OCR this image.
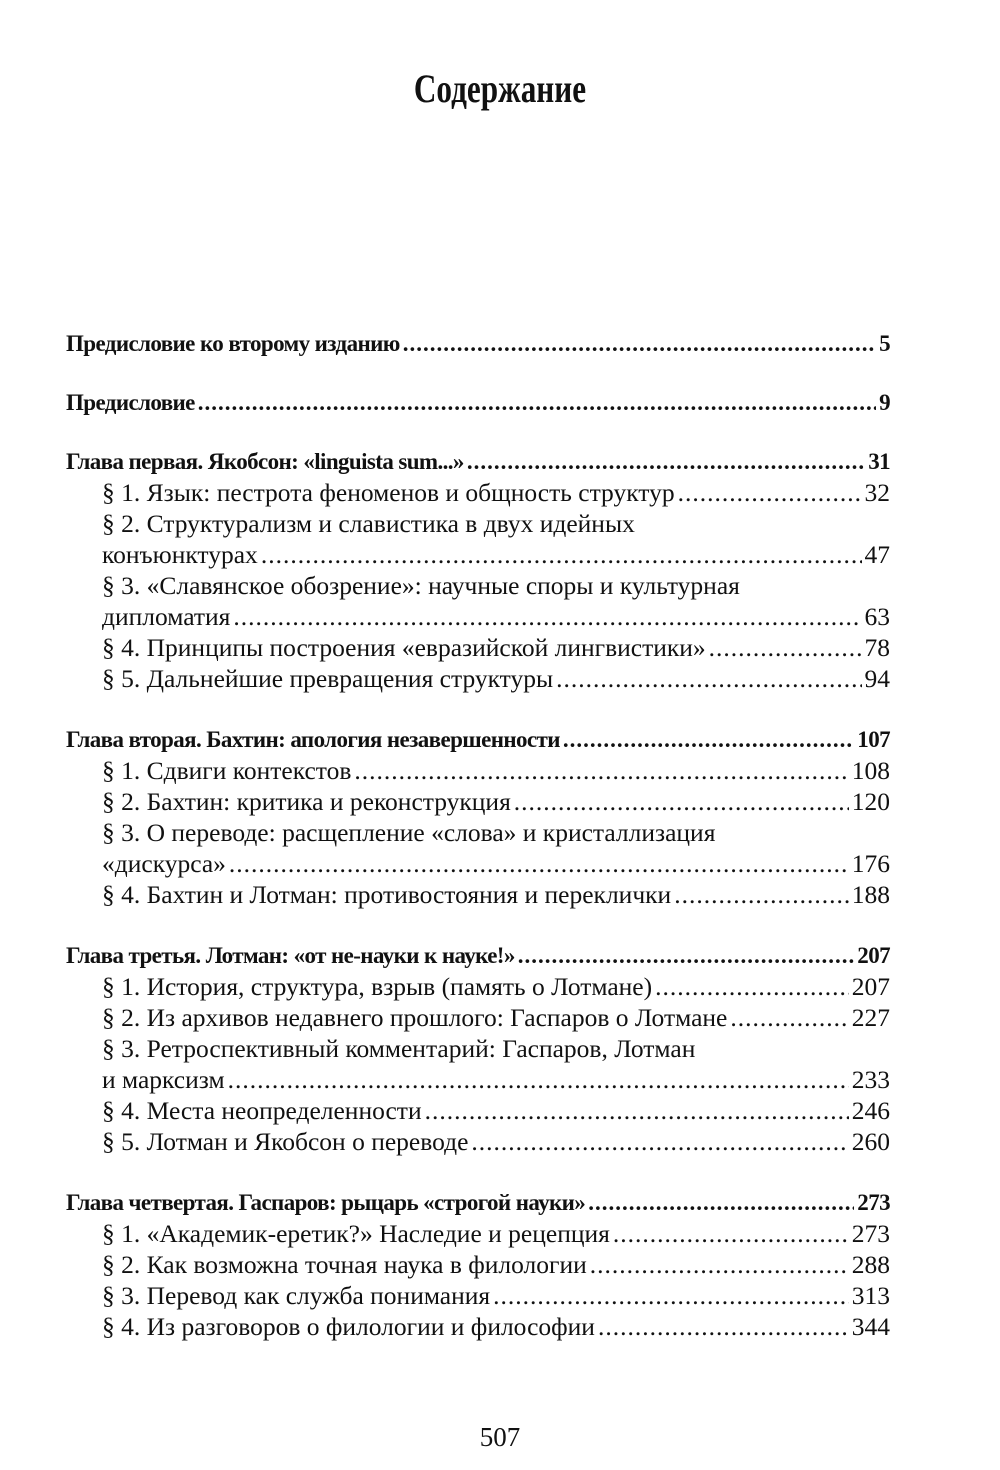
Содержание
Предисловие ко второму изданию .....	5
Предисловие .....	9
Глава первая. Якобсон: «linguista sum...» .....	31
§ 1. Язык: пестрота феноменов и общность структур .....	32
§ 2. Структурализм и славистика в двух идейных
конъюнктурах .....	47
§ 3. «Славянское обозрение»: научные споры и культурная
дипломатия .....	63
§ 4. Принципы построения «евразийской лингвистики» .....	78
§ 5. Дальнейшие превращения структуры .....	94
Глава вторая. Бахтин: апология незавершенности .....	107
§ 1. Сдвиги контекстов .....	108
§ 2. Бахтин: критика и реконструкция .....	120
§ 3. О переводе: расщепление «слова» и кристаллизация
«дискурса» .....	176
§ 4. Бахтин и Лотман: противостояния и переклички .....	188
Глава третья. Лотман: «от не-науки к науке!» .....	207
§ 1. История, структура, взрыв (память о Лотмане) .....	207
§ 2. Из архивов недавнего прошлого: Гаспаров о Лотмане .....	227
§ 3. Ретроспективный комментарий: Гаспаров, Лотман
и марксизм .....	233
§ 4. Места неопределенности .....	246
§ 5. Лотман и Якобсон о переводе .....	260
Глава четвертая. Гаспаров: рыцарь «строгой науки» .....	273
§ 1. «Академик-еретик?» Наследие и рецепция .....	273
§ 2. Как возможна точная наука в филологии .....	288
§ 3. Перевод как служба понимания .....	313
§ 4. Из разговоров о филологии и философии .....	344
507
